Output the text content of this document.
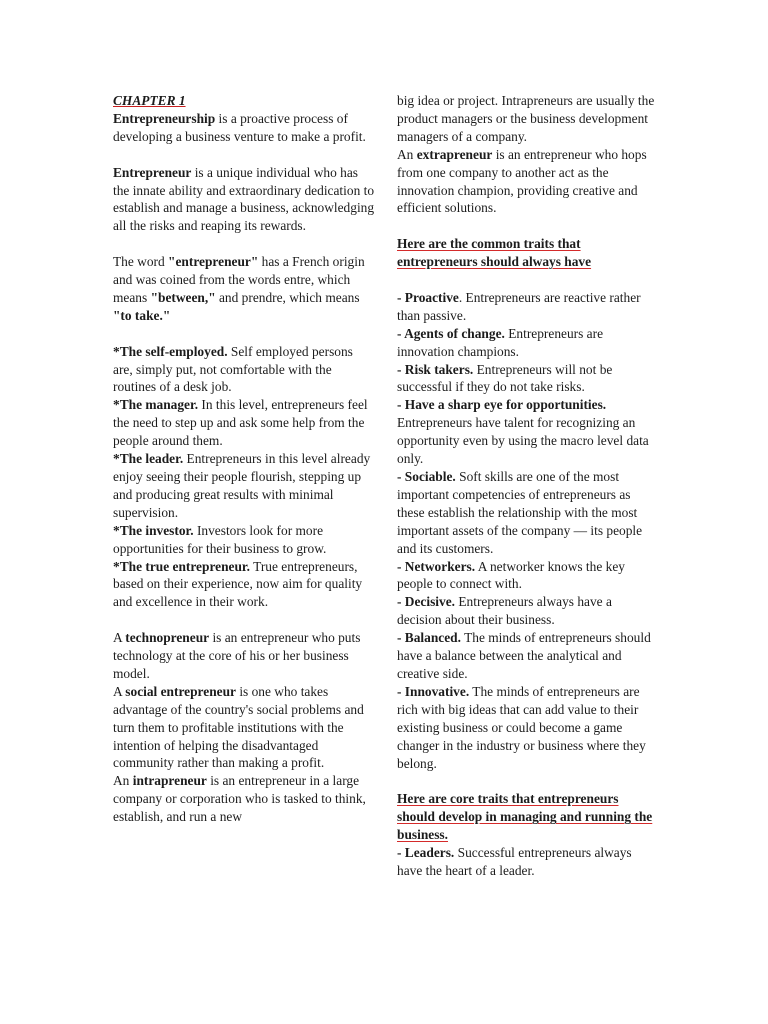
CHAPTER 1

Entrepreneurship is a proactive process of developing a business venture to make a profit.

Entrepreneur is a unique individual who has the innate ability and extraordinary dedication to establish and manage a business, acknowledging all the risks and reaping its rewards.

The word "entrepreneur" has a French origin and was coined from the words entre, which means "between," and prendre, which means "to take."

*The self-employed. Self employed persons are, simply put, not comfortable with the routines of a desk job.

*The manager. In this level, entrepreneurs feel the need to step up and ask some help from the people around them.

*The leader. Entrepreneurs in this level already enjoy seeing their people flourish, stepping up and producing great results with minimal supervision.

*The investor. Investors look for more opportunities for their business to grow.

*The true entrepreneur. True entrepreneurs, based on their experience, now aim for quality and excellence in their work.

A technopreneur is an entrepreneur who puts technology at the core of his or her business model.

A social entrepreneur is one who takes advantage of the country's social problems and turn them to profitable institutions with the intention of helping the disadvantaged community rather than making a profit.

An intrapreneur is an entrepreneur in a large company or corporation who is tasked to think, establish, and run a new

big idea or project. Intrapreneurs are usually the product managers or the business development managers of a company.

An extrapreneur is an entrepreneur who hops from one company to another act as the innovation champion, providing creative and efficient solutions.

Here are the common traits that entrepreneurs should always have

- Proactive. Entrepreneurs are reactive rather than passive.

- Agents of change. Entrepreneurs are innovation champions.

- Risk takers. Entrepreneurs will not be successful if they do not take risks.

- Have a sharp eye for opportunities. Entrepreneurs have talent for recognizing an opportunity even by using the macro level data only.

- Sociable. Soft skills are one of the most important competencies of entrepreneurs as these establish the relationship with the most important assets of the company — its people and its customers.

- Networkers. A networker knows the key people to connect with.

- Decisive. Entrepreneurs always have a decision about their business.

- Balanced. The minds of entrepreneurs should have a balance between the analytical and creative side.

- Innovative. The minds of entrepreneurs are rich with big ideas that can add value to their existing business or could become a game changer in the industry or business where they belong.

Here are core traits that entrepreneurs should develop in managing and running the business.

- Leaders. Successful entrepreneurs always have the heart of a leader.
